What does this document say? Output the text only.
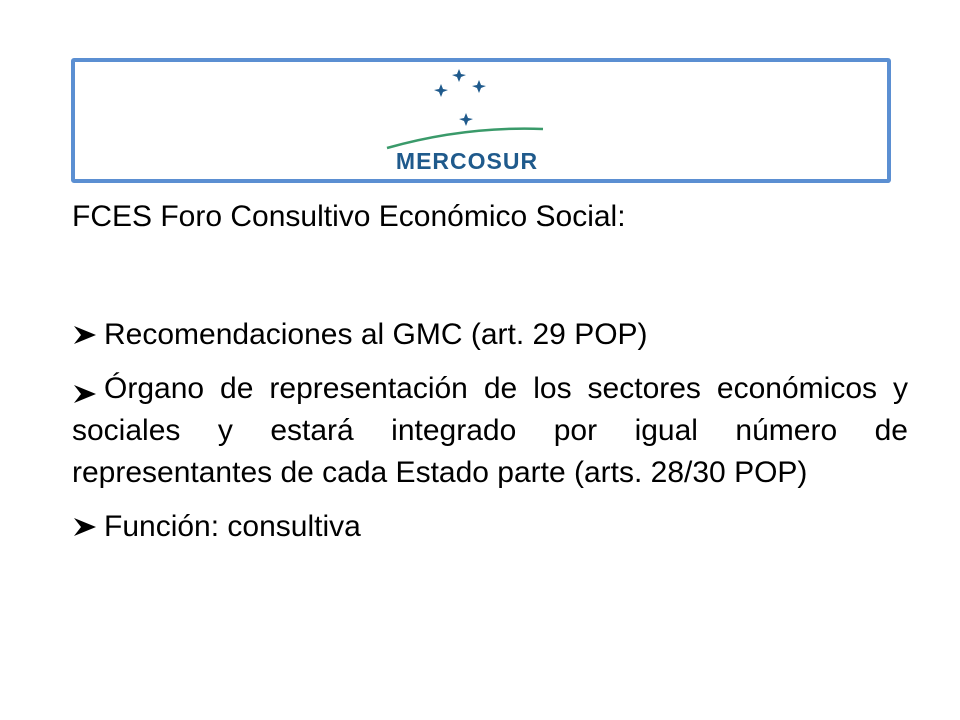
MERCOSUR

FCES Foro Consultivo Económico Social:

Recomendaciones al GMC (art. 29 POP)
Órgano de representación de los sectores económicos y sociales y estará integrado por igual número de representantes de cada Estado parte (arts. 28/30 POP)
Función: consultiva
